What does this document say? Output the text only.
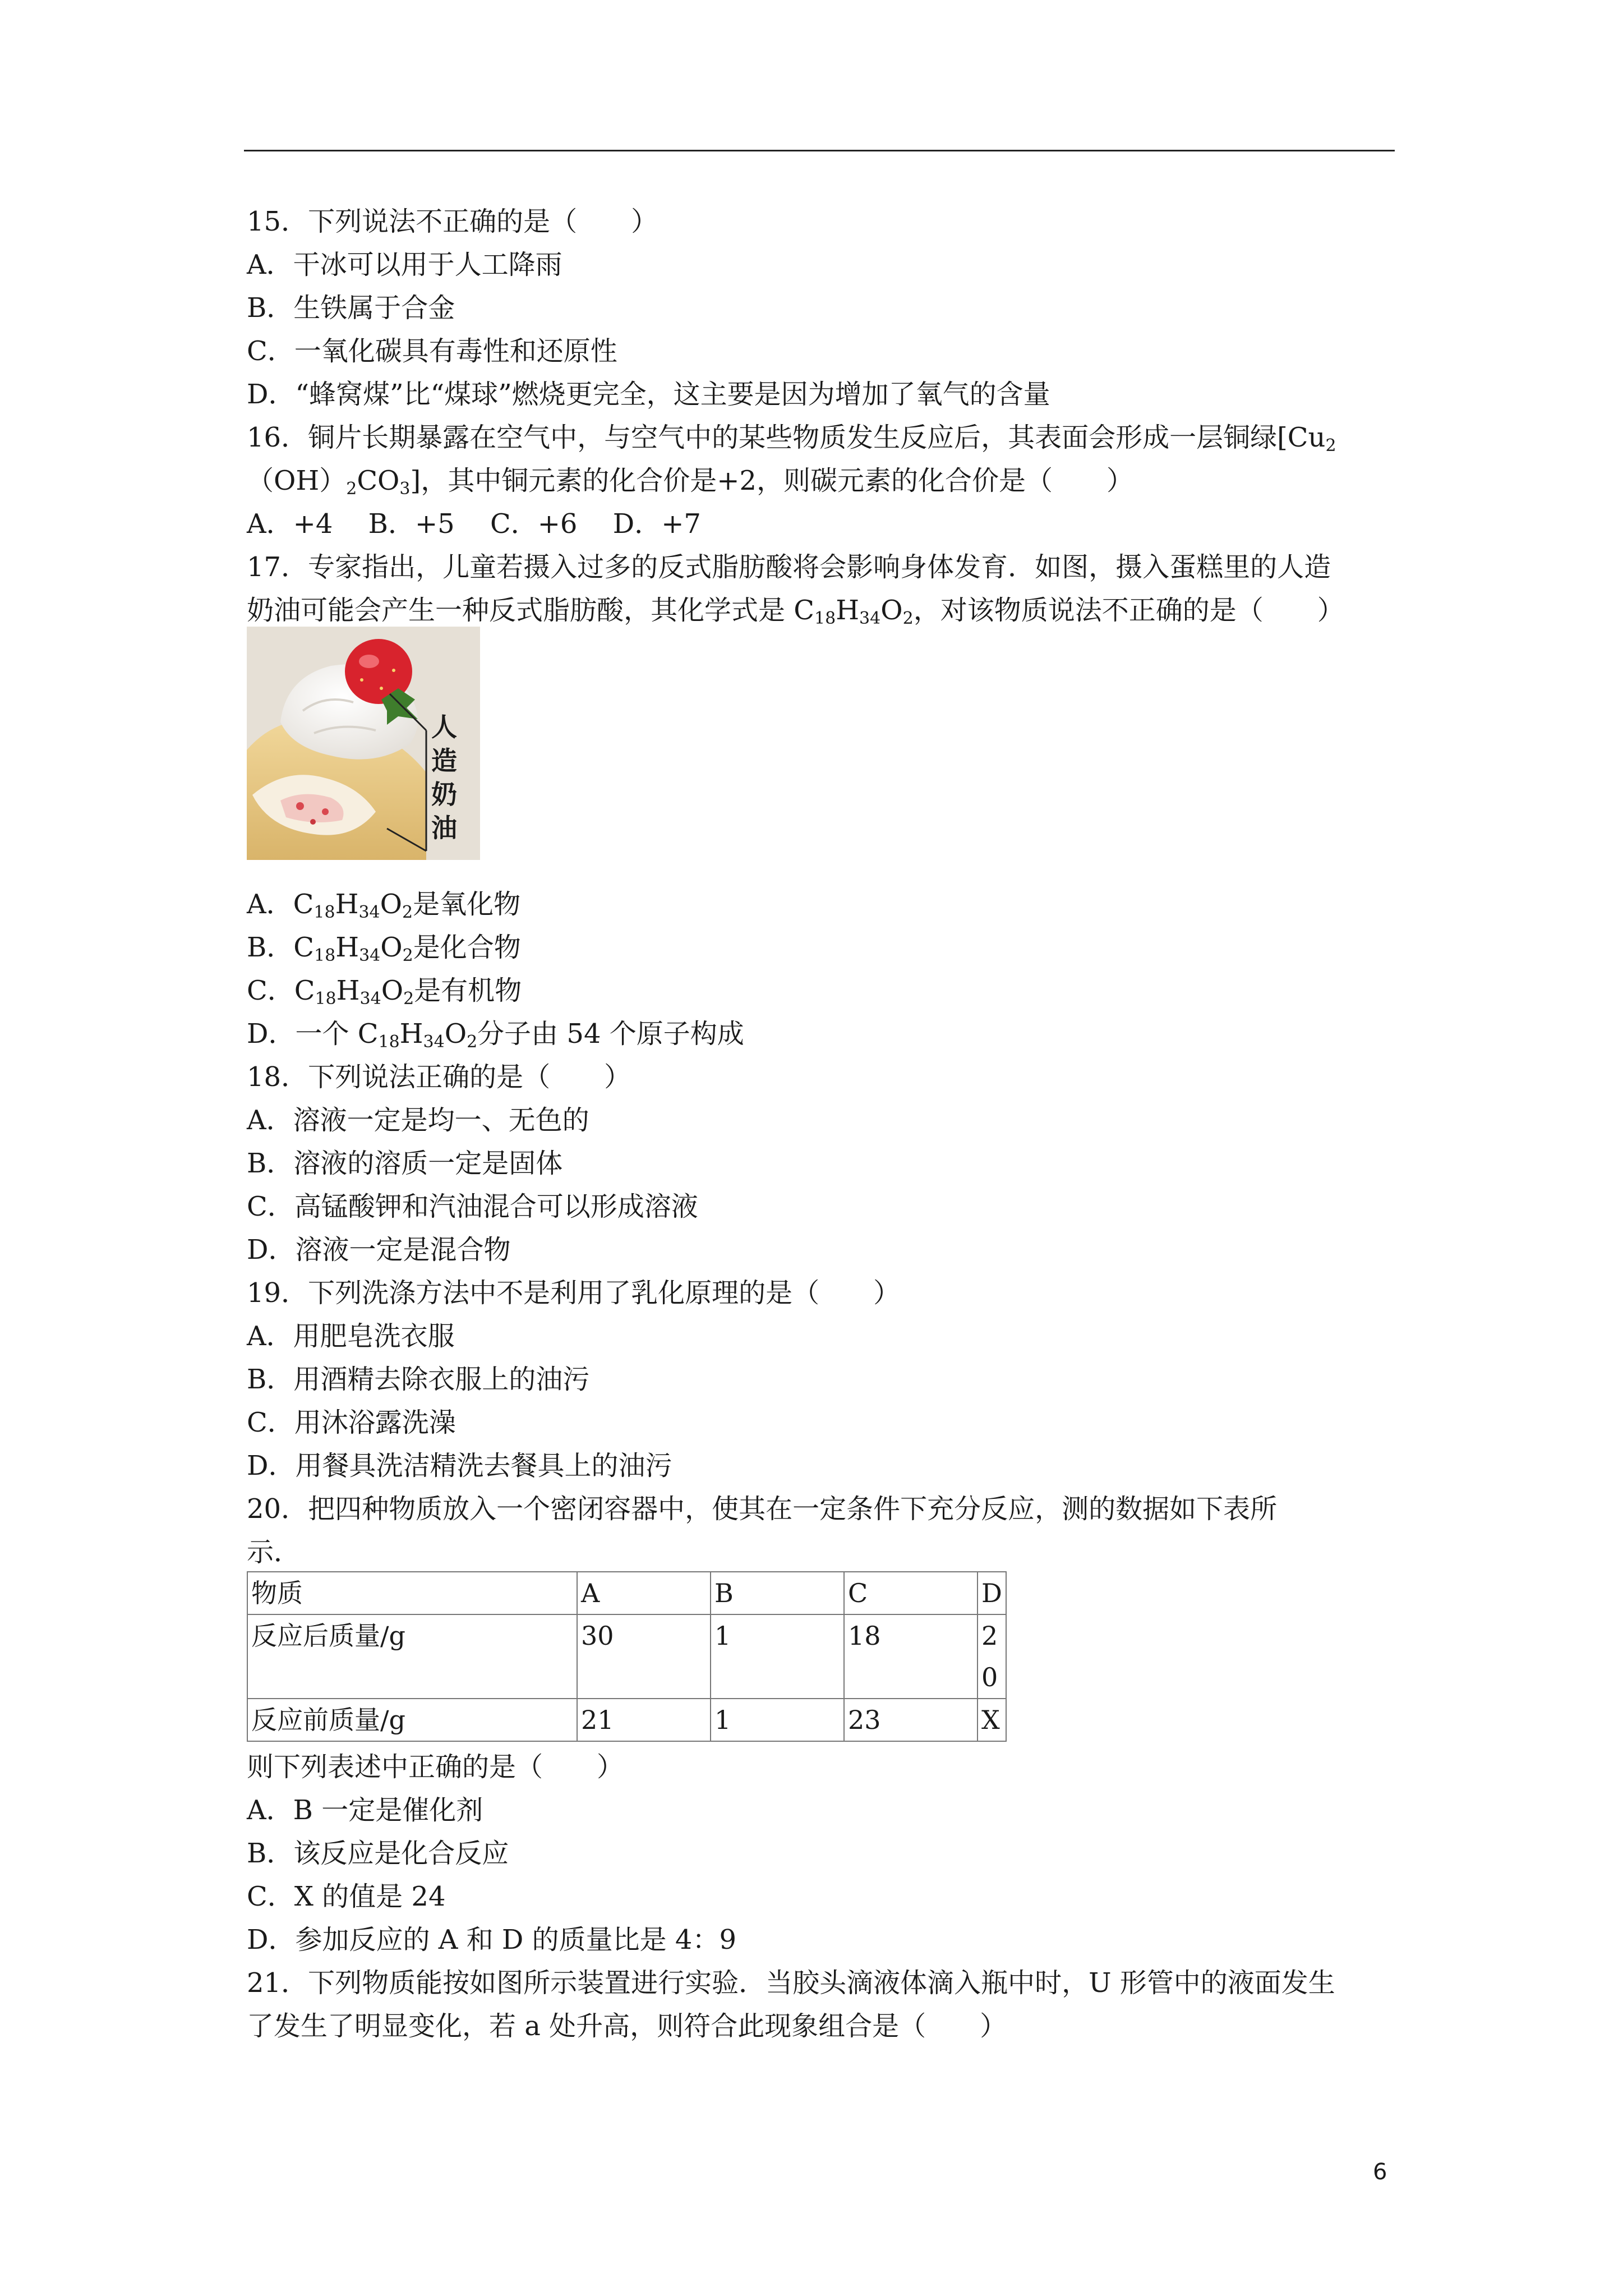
15．下列说法不正确的是（　　）
A．干冰可以用于人工降雨
B．生铁属于合金
C．一氧化碳具有毒性和还原性
D．“蜂窝煤”比“煤球”燃烧更完全，这主要是因为增加了氧气的含量
16．铜片长期暴露在空气中，与空气中的某些物质发生反应后，其表面会形成一层铜绿[$Cu_2$
$(OH)_2CO_3$]，其中铜元素的化合价是+2，则碳元素的化合价是（　　）
A．+4　 B．+5　 C．+6　 D．+7
17．专家指出，儿童若摄入过多的反式脂肪酸将会影响身体发育．如图，摄入蛋糕里的人造
奶油可能会产生一种反式脂肪酸，其化学式是 $C_{18}H_{34}O_2$，对该物质说法不正确的是（　　）
人
造
奶
油
A．$C_{18}H_{34}O_2$是氧化物
B．$C_{18}H_{34}O_2$是化合物
C．$C_{18}H_{34}O_2$是有机物
D．一个 $C_{18}H_{34}O_2$分子由 54 个原子构成
18．下列说法正确的是（　　）
A．溶液一定是均一、无色的
B．溶液的溶质一定是固体
C．高锰酸钾和汽油混合可以形成溶液
D．溶液一定是混合物
19．下列洗涤方法中不是利用了乳化原理的是（　　）
A．用肥皂洗衣服
B．用酒精去除衣服上的油污
C．用沐浴露洗澡
D．用餐具洗洁精洗去餐具上的油污
20．把四种物质放入一个密闭容器中，使其在一定条件下充分反应，测的数据如下表所
示．
物质	A	B	C	D
反应后质量/g	30	1	18	20
反应前质量/g	21	1	23	X
则下列表述中正确的是（　　）
A．B 一定是催化剂
B．该反应是化合反应
C．X 的值是 24
D．参加反应的 A 和 D 的质量比是 4：9
21．下列物质能按如图所示装置进行实验．当胶头滴液体滴入瓶中时，U 形管中的液面发生
了发生了明显变化，若 a 处升高，则符合此现象组合是（　　）
6
